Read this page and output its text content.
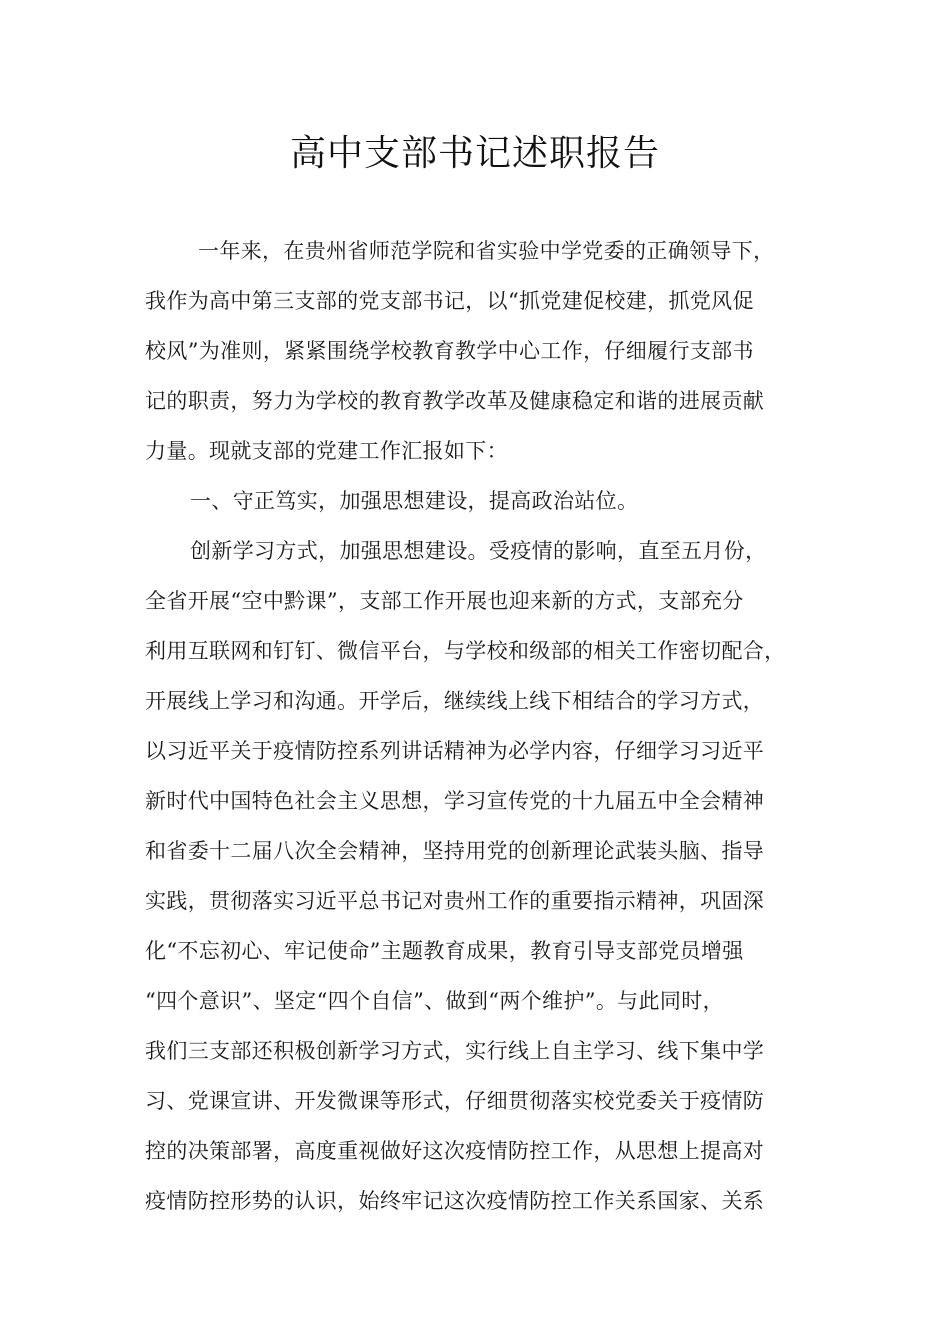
高中支部书记述职报告
一年来，在贵州省师范学院和省实验中学党委的正确领导下，
我作为高中第三支部的党支部书记，以“抓党建促校建，抓党风促
校风”为准则，紧紧围绕学校教育教学中心工作，仔细履行支部书
记的职责，努力为学校的教育教学改革及健康稳定和谐的进展贡献
力量。现就支部的党建工作汇报如下：
一、守正笃实，加强思想建设，提高政治站位。
创新学习方式，加强思想建设。受疫情的影响，直至五月份，
全省开展“空中黔课”，支部工作开展也迎来新的方式，支部充分
利用互联网和钉钉、微信平台，与学校和级部的相关工作密切配合，
开展线上学习和沟通。开学后，继续线上线下相结合的学习方式，
以习近平关于疫情防控系列讲话精神为必学内容，仔细学习习近平
新时代中国特色社会主义思想，学习宣传党的十九届五中全会精神
和省委十二届八次全会精神，坚持用党的创新理论武装头脑、指导
实践，贯彻落实习近平总书记对贵州工作的重要指示精神，巩固深
化“不忘初心、牢记使命”主题教育成果，教育引导支部党员增强
“四个意识”、坚定“四个自信”、做到“两个维护”。与此同时，
我们三支部还积极创新学习方式，实行线上自主学习、线下集中学
习、党课宣讲、开发微课等形式，仔细贯彻落实校党委关于疫情防
控的决策部署，高度重视做好这次疫情防控工作，从思想上提高对
疫情防控形势的认识，始终牢记这次疫情防控工作关系国家、关系
